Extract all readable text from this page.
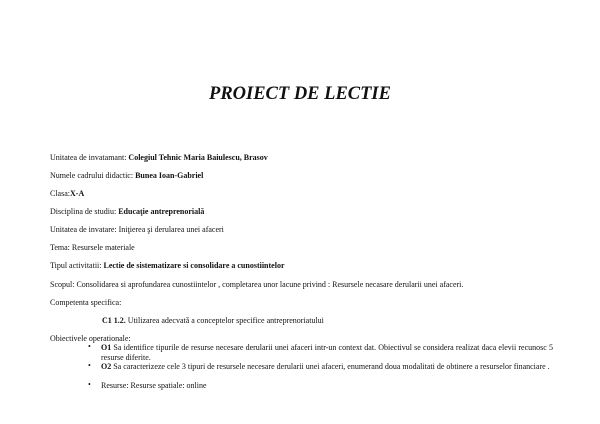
PROIECT DE LECTIE
Unitatea de invatamant: Colegiul Tehnic Maria Baiulescu, Brasov
Numele cadrului didactic: Bunea Ioan-Gabriel
Clasa:X-A
Disciplina de studiu: Educaţie antreprenorială
Unitatea de invatare: Iniţierea şi derularea unei afaceri
Tema: Resursele materiale
Tipul activitatii: Lectie de sistematizare si consolidare a cunostiintelor
Scopul: Consolidarea si aprofundarea cunostiintelor , completarea unor lacune privind : Resursele necasare derularii unei afaceri.
Competenta specifica:
C1 1.2. Utilizarea adecvatǎ a conceptelor specifice antreprenoriatului
Obiectivele operationale:
• O1 Sa identifice tipurile de resurse necesare derularii unei afaceri intr-un context dat. Obiectivul se considera realizat daca elevii recunosc 5 resurse diferite.
• O2 Sa caracterizeze cele 3 tipuri de resursele necesare derularii unei afaceri, enumerand doua modalitati de obtinere a resurselor financiare .
• Resurse: Resurse spatiale: online
